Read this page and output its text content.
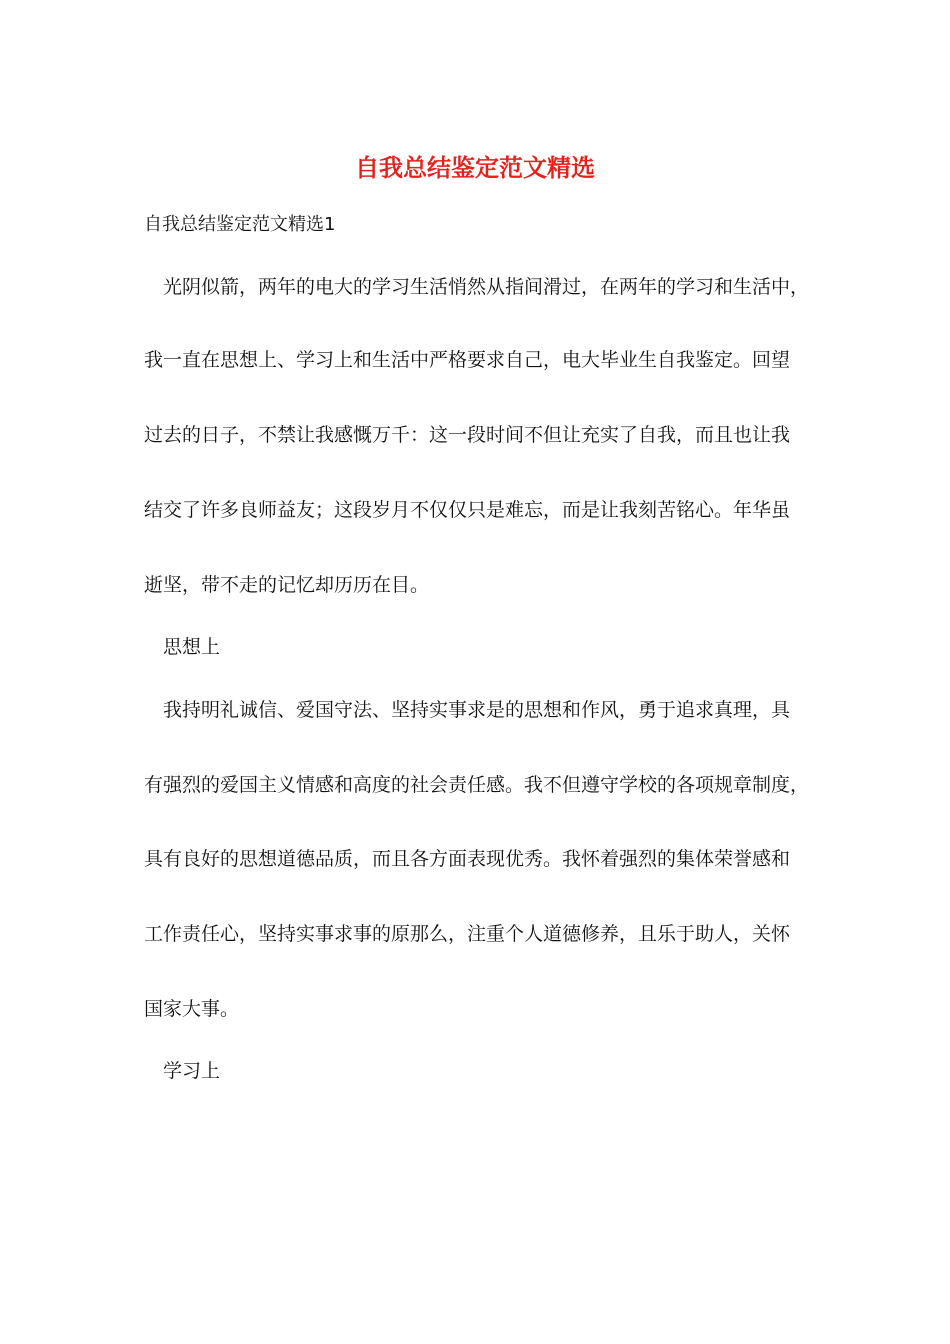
自我总结鉴定范文精选
自我总结鉴定范文精选1
光阴似箭，两年的电大的学习生活悄然从指间滑过，在两年的学习和生活中，
我一直在思想上、学习上和生活中严格要求自己，电大毕业生自我鉴定。回望
过去的日子，不禁让我感慨万千：这一段时间不但让充实了自我，而且也让我
结交了许多良师益友；这段岁月不仅仅只是难忘，而是让我刻苦铭心。年华虽
逝坚，带不走的记忆却历历在目。
思想上
我持明礼诚信、爱国守法、坚持实事求是的思想和作风，勇于追求真理，具
有强烈的爱国主义情感和高度的社会责任感。我不但遵守学校的各项规章制度，
具有良好的思想道德品质，而且各方面表现优秀。我怀着强烈的集体荣誉感和
工作责任心，坚持实事求事的原那么，注重个人道德修养，且乐于助人，关怀
国家大事。
学习上
